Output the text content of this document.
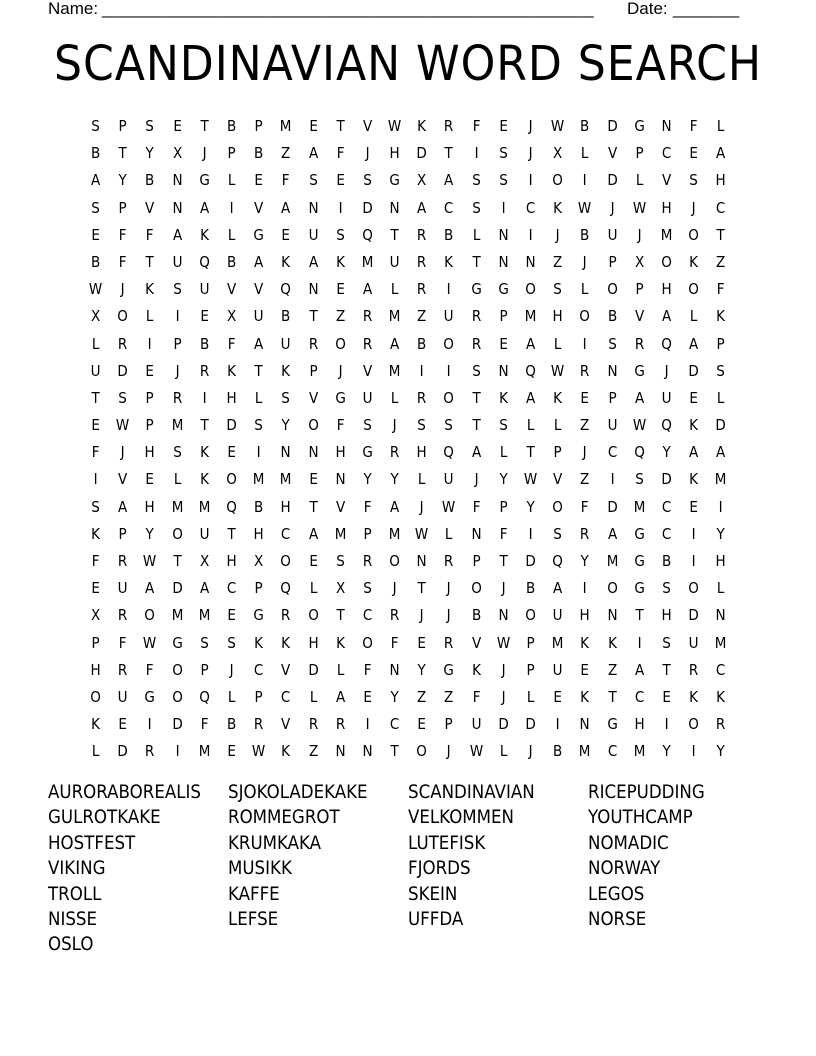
Name: ____________________________________________________ Date: _______
SCANDINAVIAN WORD SEARCH
S	P	S	E	T	B	P	M	E	T	V	W	K	R	F	E	J	W	B	D	G	N	F	L
B	T	Y	X	J	P	B	Z	A	F	J	H	D	T	I	S	J	X	L	V	P	C	E	A
A	Y	B	N	G	L	E	F	S	E	S	G	X	A	S	S	I	O	I	D	L	V	S	H
S	P	V	N	A	I	V	A	N	I	D	N	A	C	S	I	C	K	W	J	W	H	J	C
E	F	F	A	K	L	G	E	U	S	Q	T	R	B	L	N	I	J	B	U	J	M	O	T
B	F	T	U	Q	B	A	K	A	K	M	U	R	K	T	N	N	Z	J	P	X	O	K	Z
W	J	K	S	U	V	V	Q	N	E	A	L	R	I	G	G	O	S	L	O	P	H	O	F
X	O	L	I	E	X	U	B	T	Z	R	M	Z	U	R	P	M	H	O	B	V	A	L	K
L	R	I	P	B	F	A	U	R	O	R	A	B	O	R	E	A	L	I	S	R	Q	A	P
U	D	E	J	R	K	T	K	P	J	V	M	I	I	S	N	Q	W	R	N	G	J	D	S
T	S	P	R	I	H	L	S	V	G	U	L	R	O	T	K	A	K	E	P	A	U	E	L
E	W	P	M	T	D	S	Y	O	F	S	J	S	S	T	S	L	L	Z	U	W	Q	K	D
F	J	H	S	K	E	I	N	N	H	G	R	H	Q	A	L	T	P	J	C	Q	Y	A	A
I	V	E	L	K	O	M	M	E	N	Y	Y	L	U	J	Y	W	V	Z	I	S	D	K	M
S	A	H	M	M	Q	B	H	T	V	F	A	J	W	F	P	Y	O	F	D	M	C	E	I
K	P	Y	O	U	T	H	C	A	M	P	M W	L	N	F	I	S	R	A	G	C	I	Y
F	R	W	T	X	H	X	O	E	S	R	O	N	R	P	T	D	Q	Y	M	G	B	I	H
E	U	A	D	A	C	P	Q	L	X	S	J	T	J	O	J	B	A	I	O	G	S	O	L
X	R	O	M	M	E	G	R	O	T	C	R	J	J	B	N	O	U	H	N	T	H	D	N
P	F	W	G	S	S	K	K	H	K	O	F	E	R	V	W	P	M	K	K	I	S	U	M
H	R	F	O	P	J	C	V	D	L	F	N	Y	G	K	J	P	U	E	Z	A	T	R	C
O	U	G	O	Q	L	P	C	L	A	E	Y	Z	Z	F	J	L	E	K	T	C	E	K	K
K	E	I	D	F	B	R	V	R	R	I	C	E	P	U	D	D	I	N	G	H	I	O	R
L	D	R	I	M	E	W	K	Z	N	N	T	O	J	W	L	J	B	M	C	M	Y	I	Y
AURORABOREALIS
GULROTKAKE
HOSTFEST
VIKING
TROLL
NISSE
OSLO
SJOKOLADEKAKE
ROMMEGROT
KRUMKAKA
MUSIKK
KAFFE
LEFSE
SCANDINAVIAN
VELKOMMEN
LUTEFISK
FJORDS
SKEIN
UFFDA
RICEPUDDING
YOUTHCAMP
NOMADIC
NORWAY
LEGOS
NORSE
